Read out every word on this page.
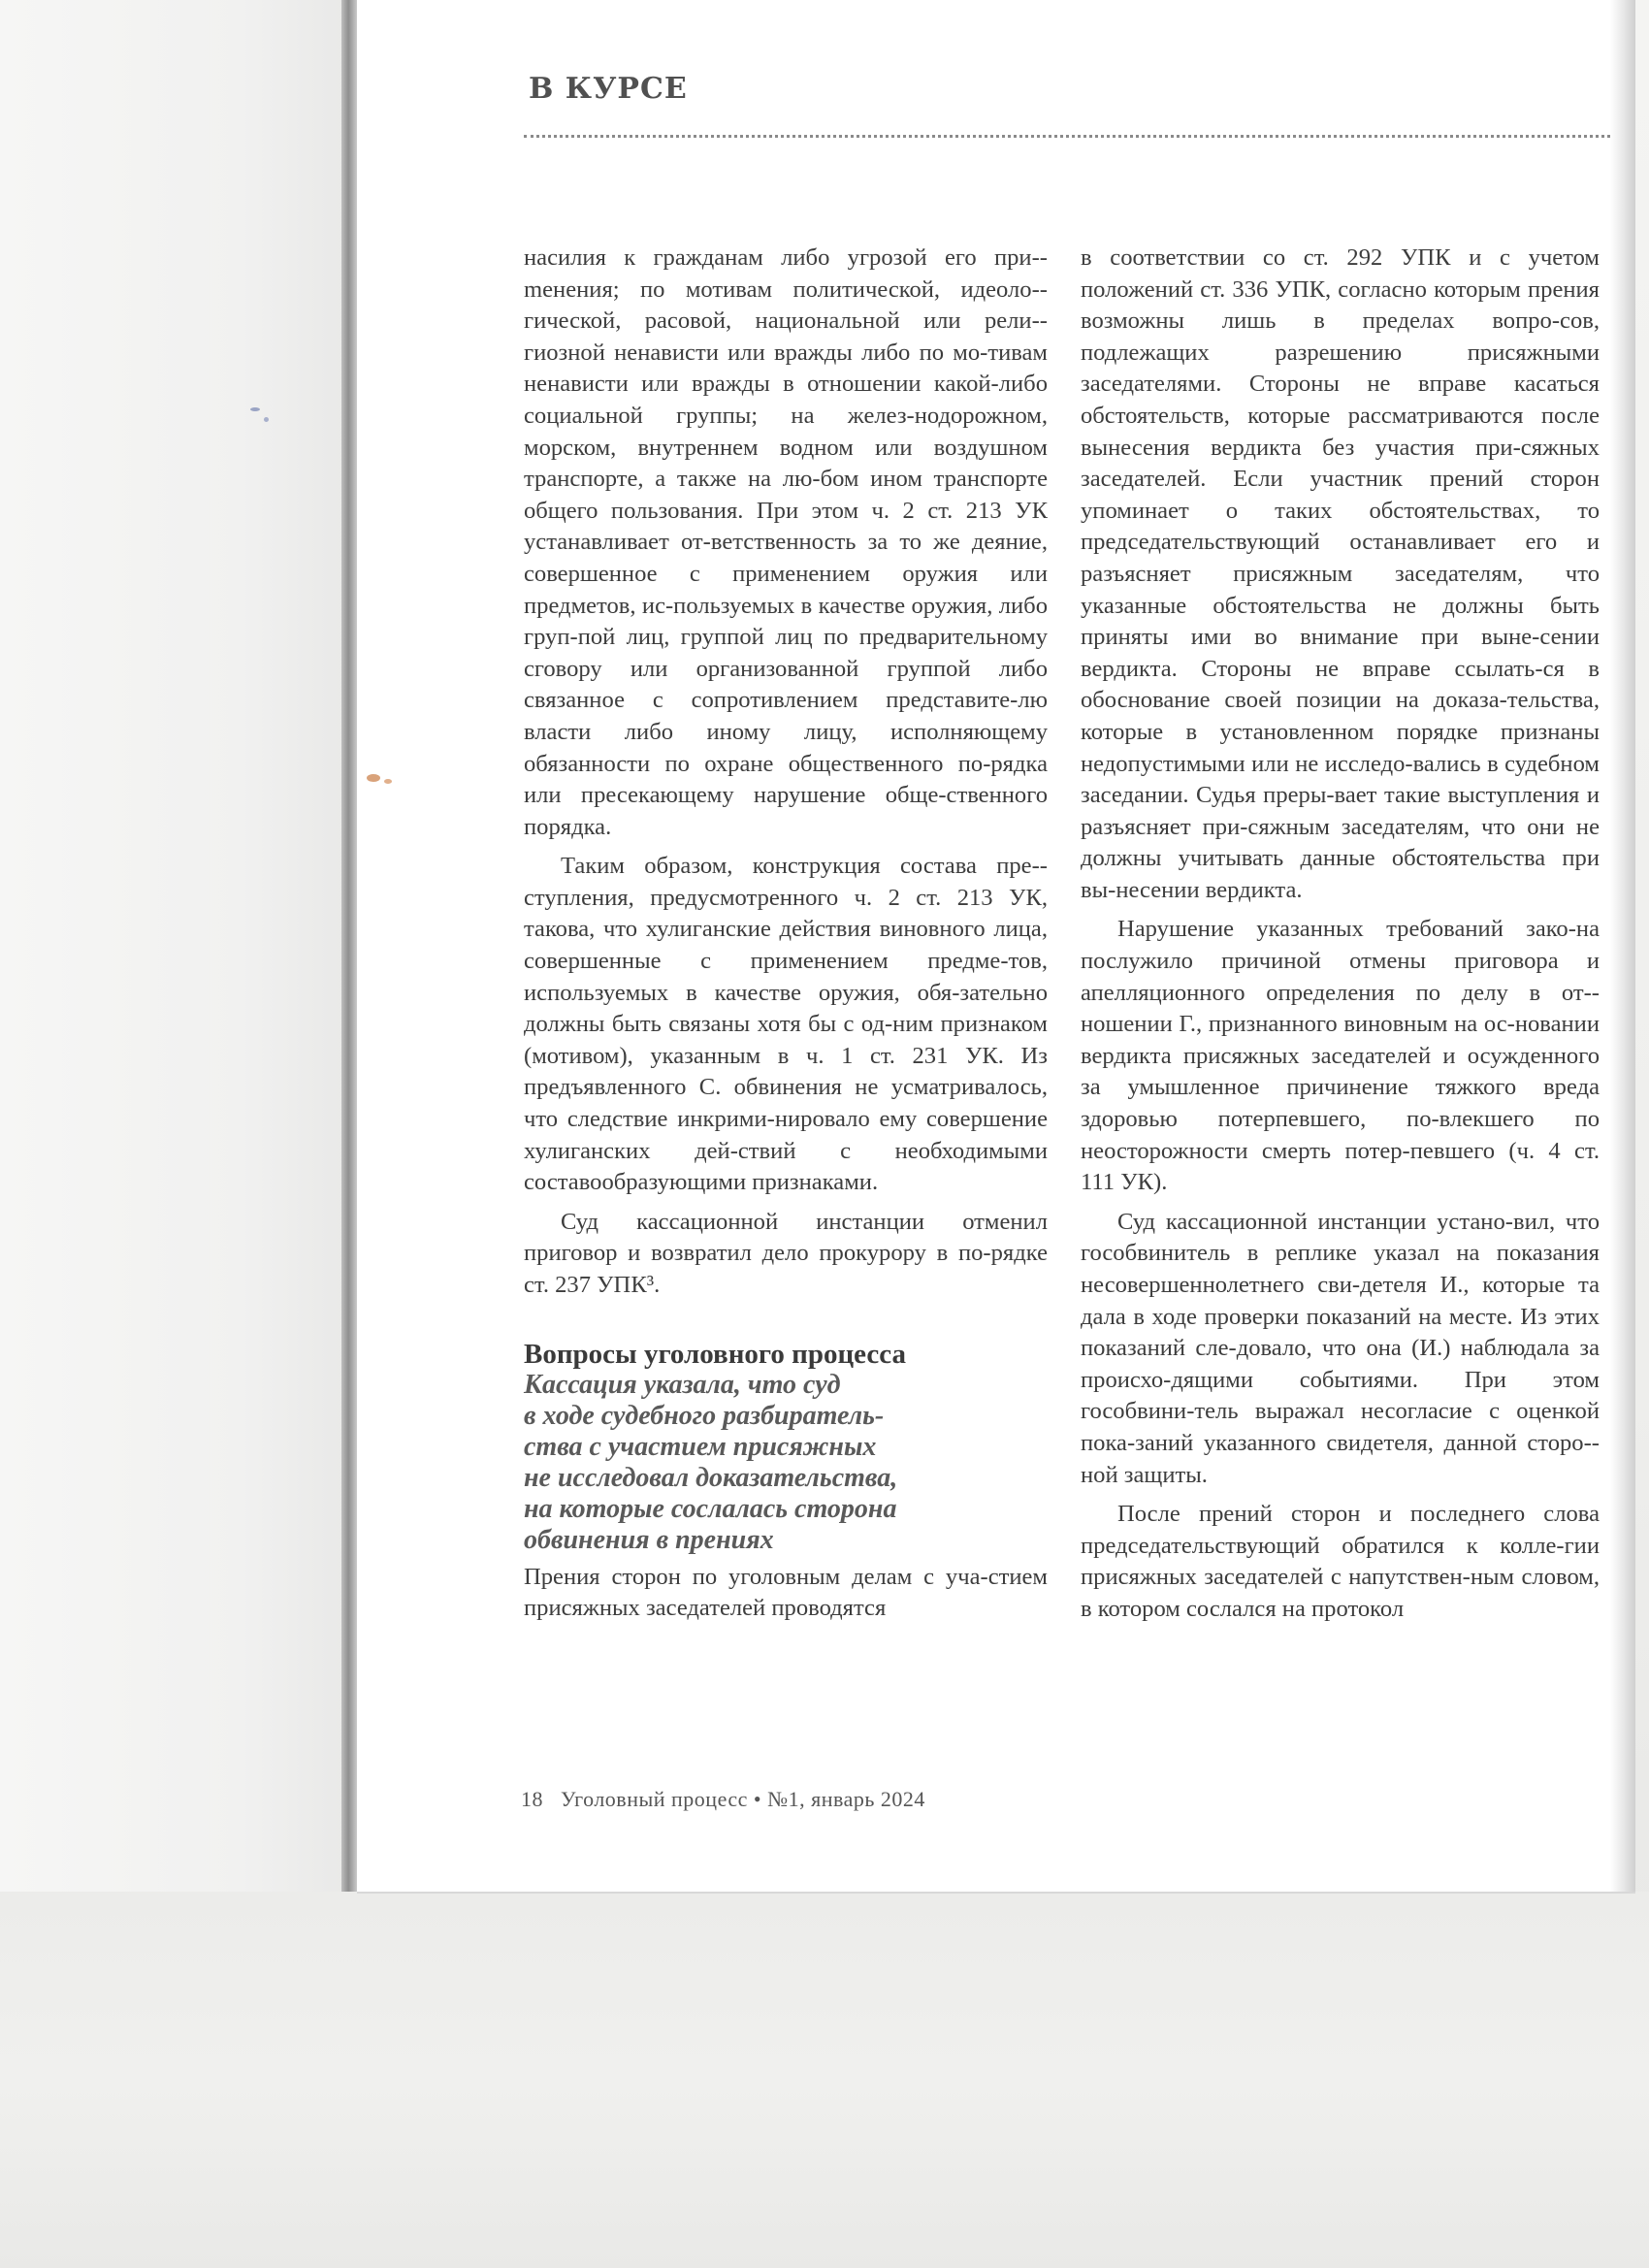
В КУРСЕ

насилия к гражданам либо угрозой его при-mенения; по мотивам политической, идеоло-гической, расовой, национальной или рели-гиозной ненависти или вражды либо по мо-тивам ненависти или вражды в отношении какой-либо социальной группы; на желез-нодорожном, морском, внутреннем водном или воздушном транспорте, а также на лю-бом ином транспорте общего пользования. При этом ч. 2 ст. 213 УК устанавливает от-ветственность за то же деяние, совершенное с применением оружия или предметов, ис-пользуемых в качестве оружия, либо груп-пой лиц, группой лиц по предварительному сговору или организованной группой либо связанное с сопротивлением представите-лю власти либо иному лицу, исполняющему обязанности по охране общественного по-рядка или пресекающему нарушение обще-ственного порядка.

Таким образом, конструкция состава пре-ступления, предусмотренного ч. 2 ст. 213 УК, такова, что хулиганские действия виновного лица, совершенные с применением предме-тов, используемых в качестве оружия, обя-зательно должны быть связаны хотя бы с од-ним признаком (мотивом), указанным в ч. 1 ст. 231 УК. Из предъявленного С. обвинения не усматривалось, что следствие инкрими-нировало ему совершение хулиганских дей-ствий с необходимыми составообразующими признаками.

Суд кассационной инстанции отменил приговор и возвратил дело прокурору в по-рядке ст. 237 УПК³.

Вопросы уголовного процесса
Кассация указала, что суд
в ходе судебного разбиратель-
ства с участием присяжных
не исследовал доказательства,
на которые сослалась сторона
обвинения в прениях

Прения сторон по уголовным делам с уча-стием присяжных заседателей проводятся

в соответствии со ст. 292 УПК и с учетом положений ст. 336 УПК, согласно которым прения возможны лишь в пределах вопро-сов, подлежащих разрешению присяжными заседателями. Стороны не вправе касаться обстоятельств, которые рассматриваются после вынесения вердикта без участия при-сяжных заседателей. Если участник прений сторон упоминает о таких обстоятельствах, то председательствующий останавливает его и разъясняет присяжным заседателям, что указанные обстоятельства не должны быть приняты ими во внимание при выне-сении вердикта. Стороны не вправе ссылать-ся в обоснование своей позиции на доказа-тельства, которые в установленном порядке признаны недопустимыми или не исследо-вались в судебном заседании. Судья преры-вает такие выступления и разъясняет при-сяжным заседателям, что они не должны учитывать данные обстоятельства при вы-несении вердикта.

Нарушение указанных требований зако-на послужило причиной отмены приговора и апелляционного определения по делу в от-ношении Г., признанного виновным на ос-новании вердикта присяжных заседателей и осужденного за умышленное причинение тяжкого вреда здоровью потерпевшего, по-влекшего по неосторожности смерть потер-певшего (ч. 4 ст. 111 УК).

Суд кассационной инстанции устано-вил, что гособвинитель в реплике указал на показания несовершеннолетнего сви-детеля И., которые та дала в ходе проверки показаний на месте. Из этих показаний сле-довало, что она (И.) наблюдала за происхо-дящими событиями. При этом гособвини-тель выражал несогласие с оценкой пока-заний указанного свидетеля, данной сторо-ной защиты.

После прений сторон и последнего слова председательствующий обратился к колле-гии присяжных заседателей с напутствен-ным словом, в котором сослался на протокол

18 Уголовный процесс • №1, январь 2024
